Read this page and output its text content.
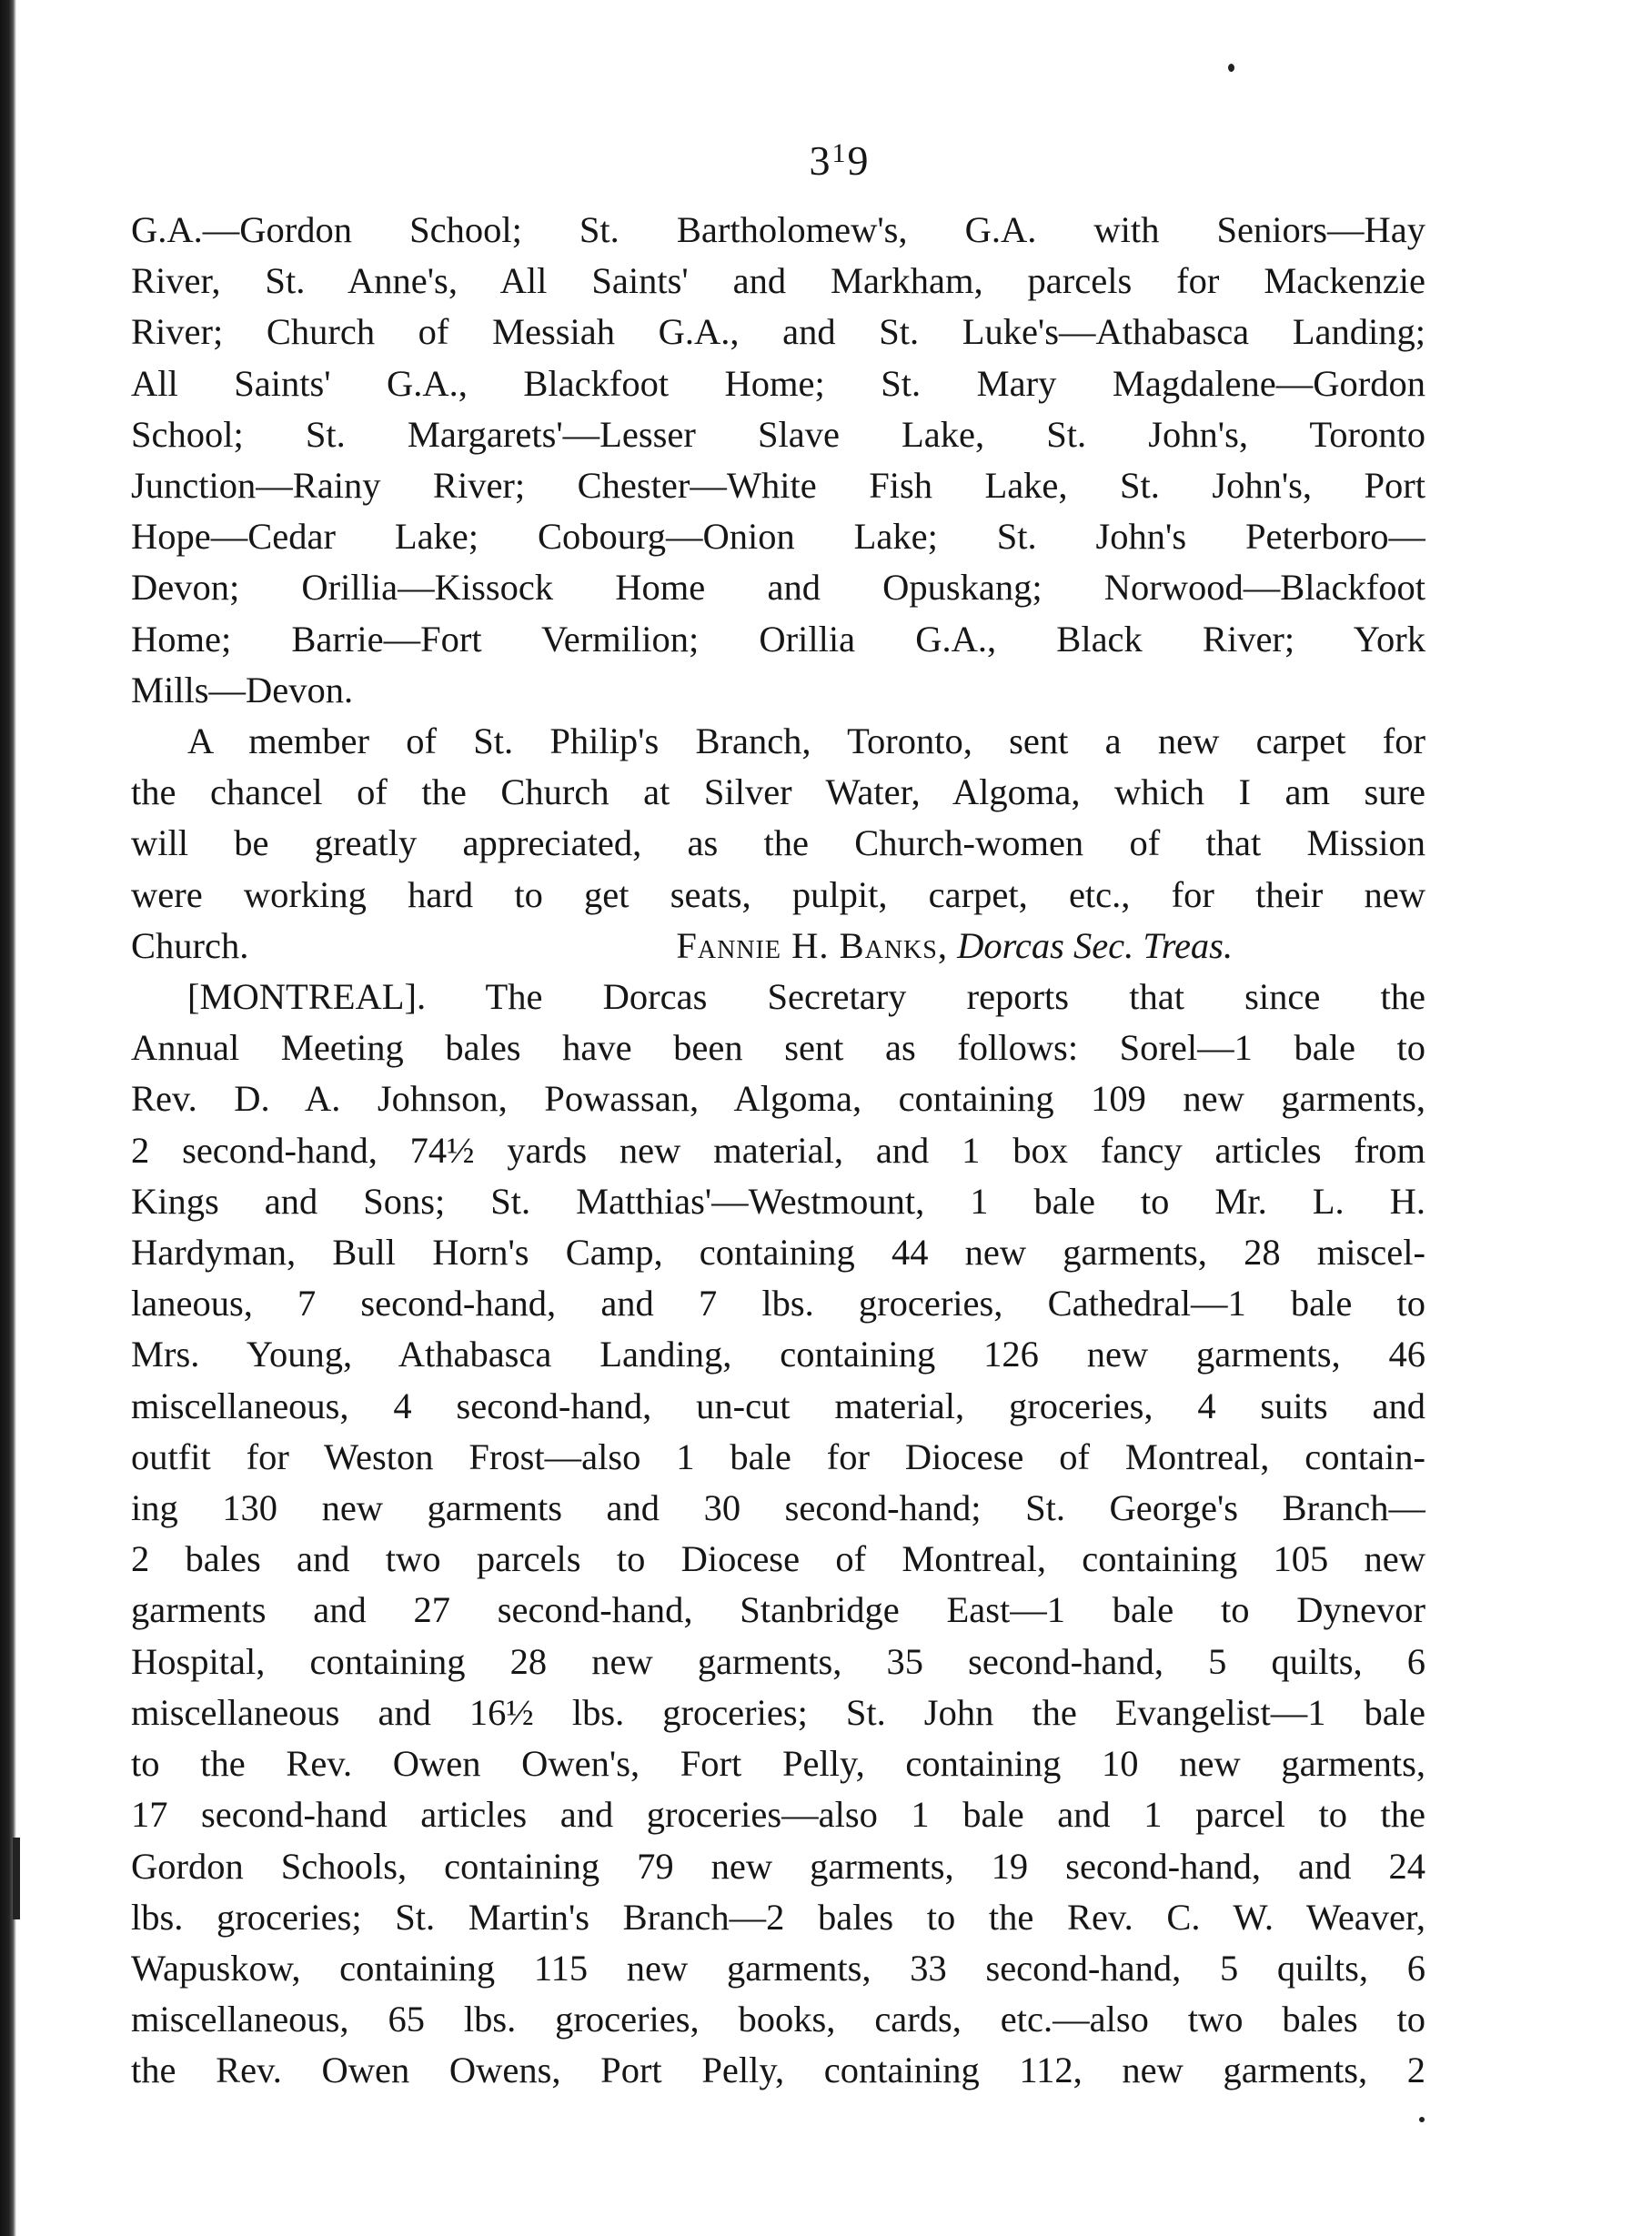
$3^19$
G.A.—Gordon School; St. Bartholomew's, G.A. with Seniors—Hay
River, St. Anne's, All Saints' and Markham, parcels for Mackenzie
River; Church of Messiah G.A., and St. Luke's—Athabasca Landing;
All Saints' G.A., Blackfoot Home; St. Mary Magdalene—Gordon
School; St. Margarets'—Lesser Slave Lake, St. John's, Toronto
Junction—Rainy River; Chester—White Fish Lake, St. John's, Port
Hope—Cedar Lake; Cobourg—Onion Lake; St. John's Peterboro—
Devon; Orillia—Kissock Home and Opuskang; Norwood—Blackfoot
Home; Barrie—Fort Vermilion; Orillia G.A., Black River; York
Mills—Devon.
A member of St. Philip's Branch, Toronto, sent a new carpet for
the chancel of the Church at Silver Water, Algoma, which I am sure
will be greatly appreciated, as the Church-women of that Mission
were working hard to get seats, pulpit, carpet, etc., for their new
Church.	Fannie H. Banks, Dorcas Sec. Treas.
[MONTREAL]. The Dorcas Secretary reports that since the
Annual Meeting bales have been sent as follows: Sorel—1 bale to
Rev. D. A. Johnson, Powassan, Algoma, containing 109 new garments,
2 second-hand, 74½ yards new material, and 1 box fancy articles from
Kings and Sons; St. Matthias'—Westmount, 1 bale to Mr. L. H.
Hardyman, Bull Horn's Camp, containing 44 new garments, 28 miscel-
laneous, 7 second-hand, and 7 lbs. groceries, Cathedral—1 bale to
Mrs. Young, Athabasca Landing, containing 126 new garments, 46
miscellaneous, 4 second-hand, un-cut material, groceries, 4 suits and
outfit for Weston Frost—also 1 bale for Diocese of Montreal, contain-
ing 130 new garments and 30 second-hand; St. George's Branch—
2 bales and two parcels to Diocese of Montreal, containing 105 new
garments and 27 second-hand, Stanbridge East—1 bale to Dynevor
Hospital, containing 28 new garments, 35 second-hand, 5 quilts, 6
miscellaneous and 16½ lbs. groceries; St. John the Evangelist—1 bale
to the Rev. Owen Owen's, Fort Pelly, containing 10 new garments,
17 second-hand articles and groceries—also 1 bale and 1 parcel to the
Gordon Schools, containing 79 new garments, 19 second-hand, and 24
lbs. groceries; St. Martin's Branch—2 bales to the Rev. C. W. Weaver,
Wapuskow, containing 115 new garments, 33 second-hand, 5 quilts, 6
miscellaneous, 65 lbs. groceries, books, cards, etc.—also two bales to
the Rev. Owen Owens, Port Pelly, containing 112, new garments, 2
